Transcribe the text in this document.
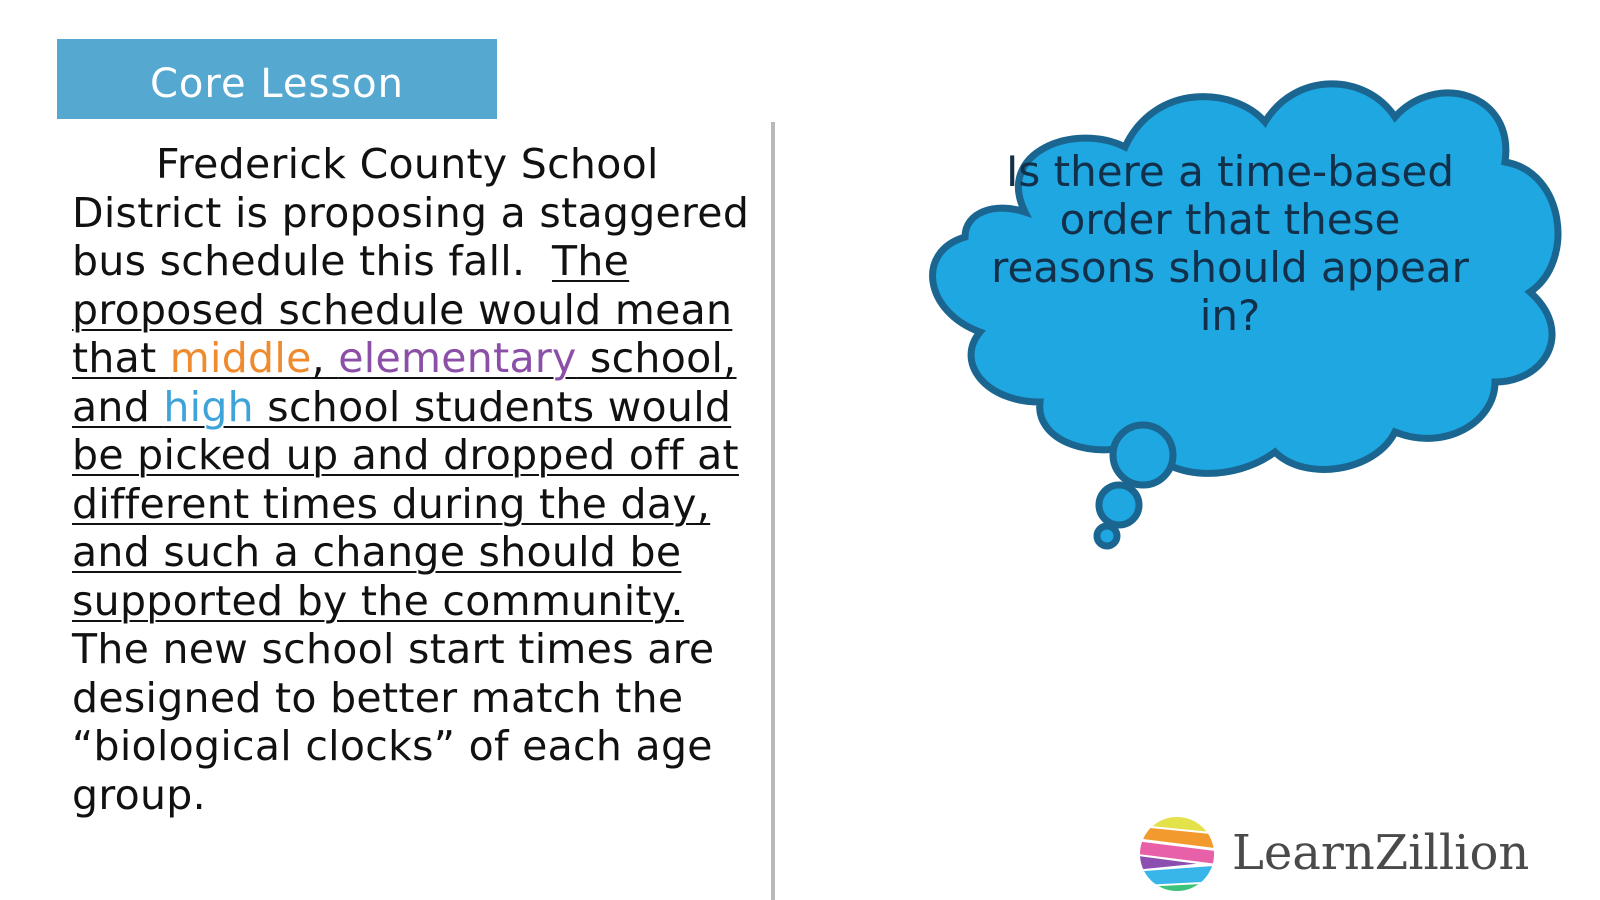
Core Lesson
Frederick County School District is proposing a staggered bus schedule this fall. The proposed schedule would mean that middle, elementary school, and high school students would be picked up and dropped off at different times during the day, and such a change should be supported by the community. The new school start times are designed to better match the “biological clocks” of each age group.
Is there a time-based order that these reasons should appear in?
LearnZillion
